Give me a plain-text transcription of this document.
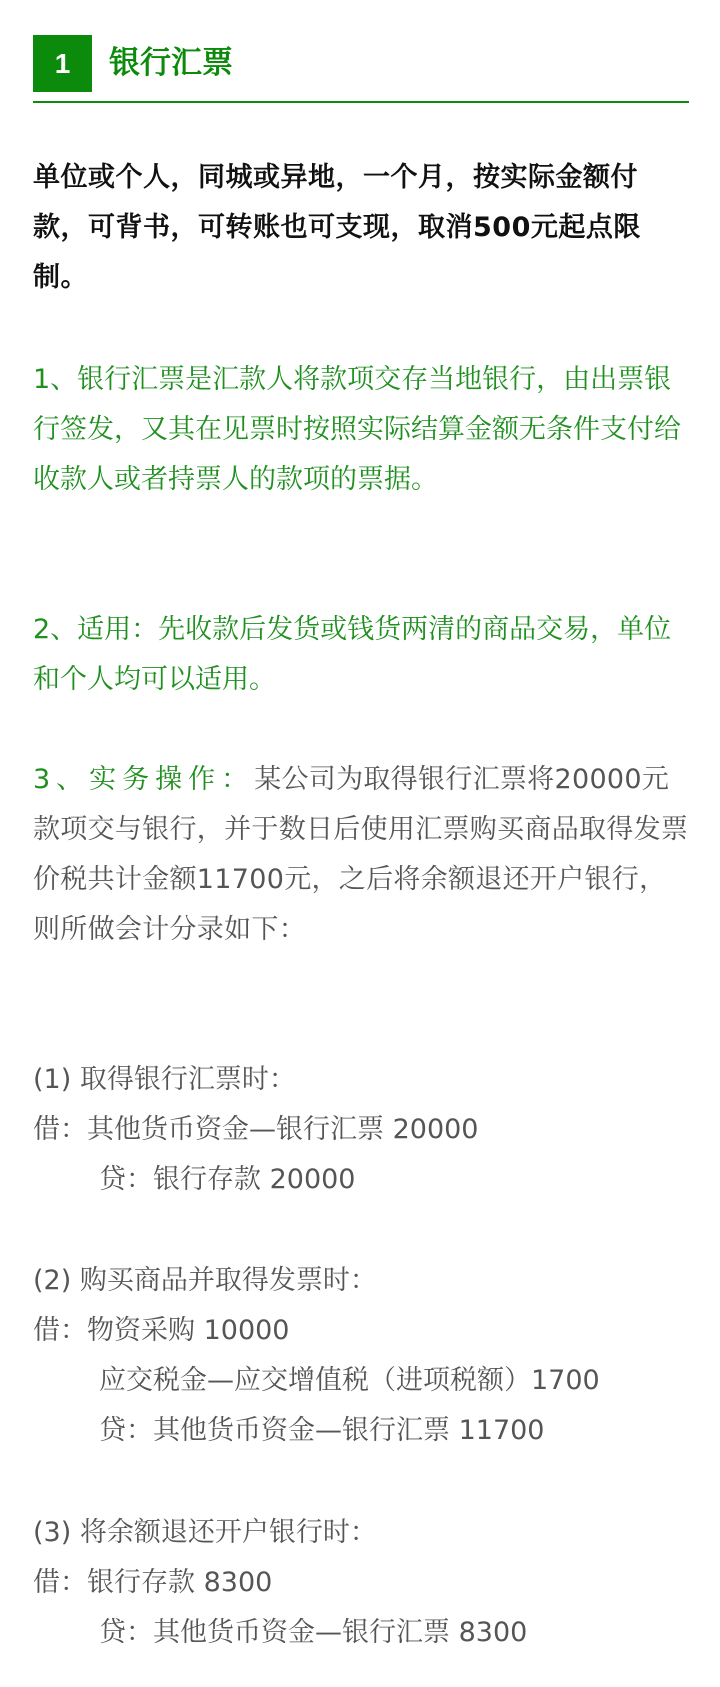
1	银行汇票

单位或个人，同城或异地，一个月，按实际金额付款，可背书，可转账也可支现，取消500元起点限制。

1、银行汇票是汇款人将款项交存当地银行，由出票银行签发，又其在见票时按照实际结算金额无条件支付给收款人或者持票人的款项的票据。

2、适用：先收款后发货或钱货两清的商品交易，单位和个人均可以适用。

3、实务操作：某公司为取得银行汇票将20000元款项交与银行，并于数日后使用汇票购买商品取得发票价税共计金额11700元，之后将余额退还开户银行，则所做会计分录如下：

(1) 取得银行汇票时：
借：其他货币资金—银行汇票 20000
贷：银行存款 20000
(2) 购买商品并取得发票时：
借：物资采购 10000
应交税金—应交增值税（进项税额）1700
贷：其他货币资金—银行汇票 11700
(3) 将余额退还开户银行时：
借：银行存款 8300
贷：其他货币资金—银行汇票 8300
